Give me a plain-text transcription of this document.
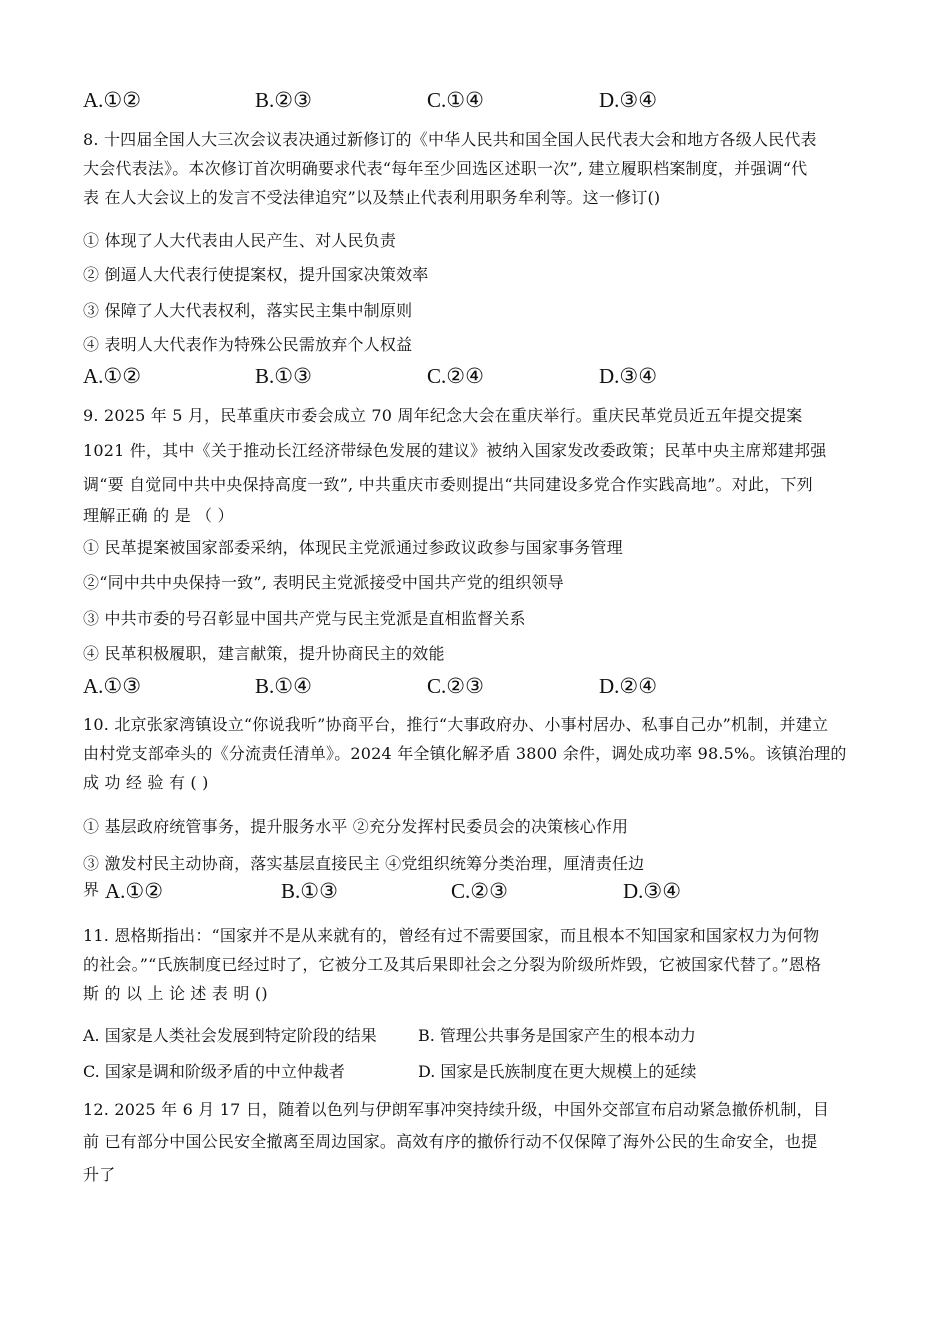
A.①②	B.②③	C.①④	D.③④
8. 十四届全国人大三次会议表决通过新修订的《中华人民共和国全国人民代表大会和地方各级人民代表
大会代表法》。本次修订首次明确要求代表“每年至少回选区述职一次”, 建立履职档案制度，并强调“代
表 在人大会议上的发言不受法律追究”以及禁止代表利用职务牟利等。这一修订()
① 体现了人大代表由人民产生、对人民负责
② 倒逼人大代表行使提案权，提升国家决策效率
③ 保障了人大代表权利，落实民主集中制原则
④ 表明人大代表作为特殊公民需放弃个人权益
A.①②	B.①③	C.②④	D.③④
9. 2025 年 5 月，民革重庆市委会成立 70 周年纪念大会在重庆举行。重庆民革党员近五年提交提案
1021 件，其中《关于推动长江经济带绿色发展的建议》被纳入国家发改委政策；民革中央主席郑建邦强
调“要 自觉同中共中央保持高度一致”, 中共重庆市委则提出“共同建设多党合作实践高地”。对此，下列
理解正确 的 是 （ ）
① 民革提案被国家部委采纳，体现民主党派通过参政议政参与国家事务管理
②“同中共中央保持一致”, 表明民主党派接受中国共产党的组织领导
③ 中共市委的号召彰显中国共产党与民主党派是直相监督关系
④ 民革积极履职，建言献策，提升协商民主的效能
A.①③	B.①④	C.②③	D.②④
10. 北京张家湾镇设立“你说我听”协商平台，推行“大事政府办、小事村居办、私事自己办”机制，并建立
由村党支部牵头的《分流责任清单》。2024 年全镇化解矛盾 3800 余件，调处成功率 98.5%。该镇治理的
成 功 经 验 有 ( )
① 基层政府统管事务，提升服务水平 ②充分发挥村民委员会的决策核心作用
③ 激发村民主动协商，落实基层直接民主 ④党组织统筹分类治理，厘清责任边
界 A.①②	B.①③	C.②③	D.③④
11. 恩格斯指出：“国家并不是从来就有的，曾经有过不需要国家，而且根本不知国家和国家权力为何物
的社会。”“氏族制度已经过时了，它被分工及其后果即社会之分裂为阶级所炸毁，它被国家代替了。”恩格
斯 的 以 上 论 述 表 明 ()
A. 国家是人类社会发展到特定阶段的结果	B. 管理公共事务是国家产生的根本动力
C. 国家是调和阶级矛盾的中立仲裁者	D. 国家是氏族制度在更大规模上的延续
12. 2025 年 6 月 17 日，随着以色列与伊朗军事冲突持续升级，中国外交部宣布启动紧急撤侨机制，目
前 已有部分中国公民安全撤离至周边国家。高效有序的撤侨行动不仅保障了海外公民的生命安全，也提
升了
